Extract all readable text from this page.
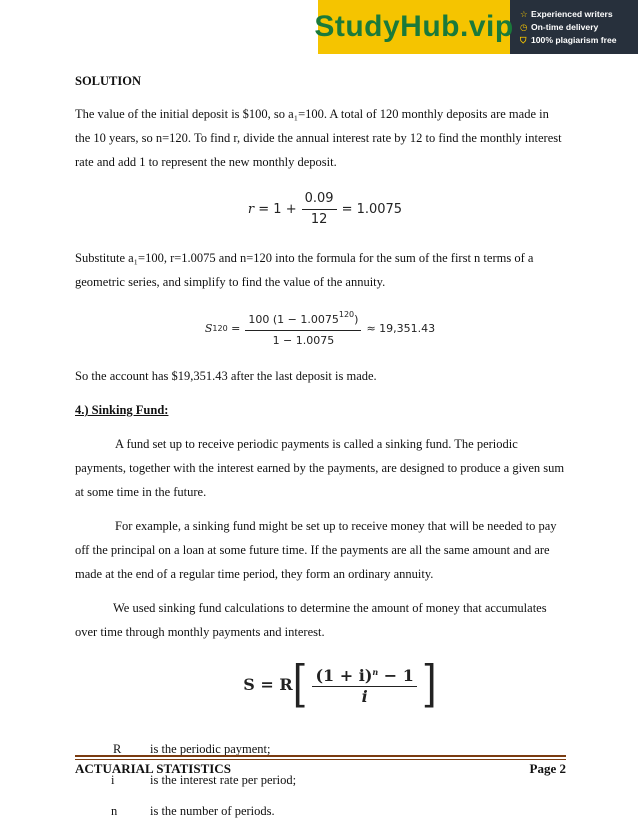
StudyHub.vip ☆ Experienced writers
◷ On-time delivery
⛉ 100% plagiarism free
SOLUTION

The value of the initial deposit is $100, so a₁=100. A total of 120 monthly deposits are made in the 10 years, so n=120. To find r, divide the annual interest rate by 12 to find the monthly interest rate and add 1 to represent the new monthly deposit.

r
= $1 + \frac{0.09}{12} = 1.0075$

Substitute a₁=100, r=1.0075 and n=120 into the formula for the sum of the first n terms of a geometric series, and simplify to find the value of the annuity.

S 120
= $\frac{100 (1 - 1.0075^{120})}{1 - 1.0075} \approx 19,351.43$

So the account has $19,351.43 after the last deposit is made.

4.) Sinking Fund:

A fund set up to receive periodic payments is called a sinking fund. The periodic payments, together with the interest earned by the payments, are designed to produce a given sum at some time in the future.

For example, a sinking fund might be set up to receive money that will be needed to pay off the principal on a loan at some future time. If the payments are all the same amount and are made at the end of a regular time period, they form an ordinary annuity.

We used sinking fund calculations to determine the amount of money that accumulates over time through monthly payments and interest.

S = R [ $\frac{(1 + i)^n - 1}{i}$ ]
R	is the periodic payment;
i	is the interest rate per period;
n	is the number of periods.
ACTUARIAL STATISTICS	Page 2
